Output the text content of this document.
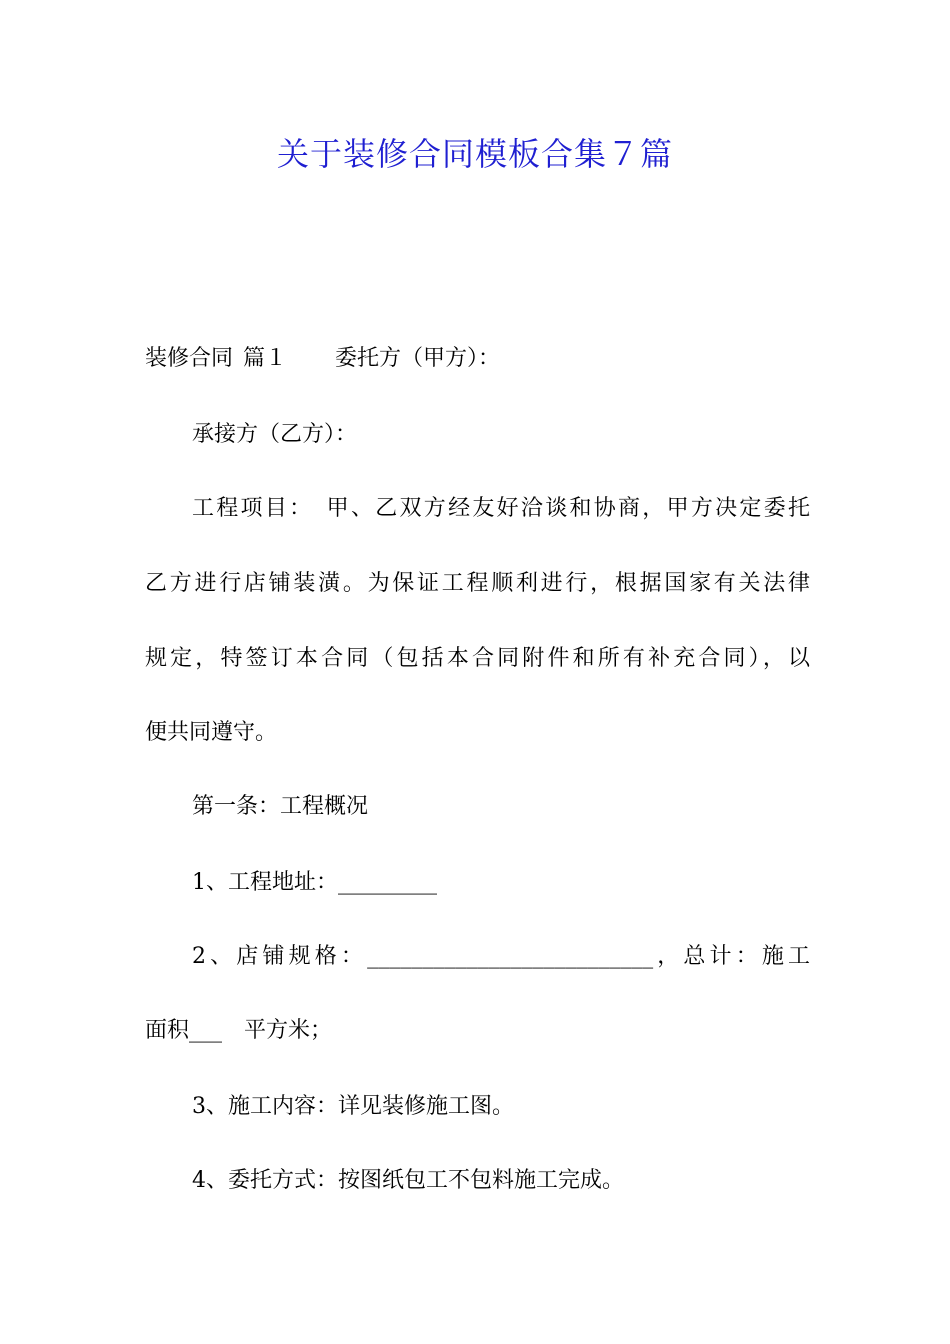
关于装修合同模板合集７篇
装修合同 篇１ 委托方（甲方）：
承接方（乙方）：
工程项目：　甲、乙双方经友好洽谈和协商，甲方决定委托
乙方进行店铺装潢。为保证工程顺利进行，根据国家有关法律
规定，特签订本合同（包括本合同附件和所有补充合同），以
便共同遵守。
第一条：工程概况
1、工程地址：_________
2、店铺规格：__________________________，总计：施工
面积___　平方米；
3、施工内容：详见装修施工图。
4、委托方式：按图纸包工不包料施工完成。
